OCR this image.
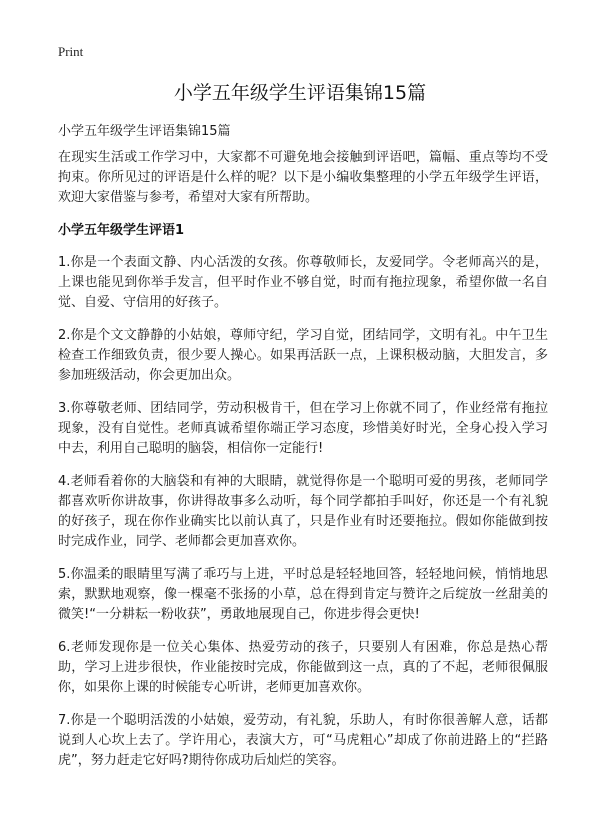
Print
小学五年级学生评语集锦15篇

小学五年级学生评语集锦15篇

在现实生活或工作学习中，大家都不可避免地会接触到评语吧，篇幅、重点等均不受拘束。你所见过的评语是什么样的呢？以下是小编收集整理的小学五年级学生评语，欢迎大家借鉴与参考，希望对大家有所帮助。

小学五年级学生评语1

1.你是一个表面文静、内心活泼的女孩。你尊敬师长，友爱同学。令老师高兴的是，上课也能见到你举手发言，但平时作业不够自觉，时而有拖拉现象，希望你做一名自觉、自爱、守信用的好孩子。

2.你是个文文静静的小姑娘，尊师守纪，学习自觉，团结同学，文明有礼。中午卫生检查工作细致负责，很少要人操心。如果再活跃一点，上课积极动脑，大胆发言，多参加班级活动，你会更加出众。

3.你尊敬老师、团结同学，劳动积极肯干，但在学习上你就不同了，作业经常有拖拉现象，没有自觉性。老师真诚希望你端正学习态度，珍惜美好时光，全身心投入学习中去，利用自己聪明的脑袋，相信你一定能行!

4.老师看着你的大脑袋和有神的大眼睛，就觉得你是一个聪明可爱的男孩，老师同学都喜欢听你讲故事，你讲得故事多么动听，每个同学都拍手叫好，你还是一个有礼貌的好孩子，现在你作业确实比以前认真了，只是作业有时还要拖拉。假如你能做到按时完成作业，同学、老师都会更加喜欢你。

5.你温柔的眼睛里写满了乖巧与上进，平时总是轻轻地回答，轻轻地问候，悄悄地思索，默默地观察，像一棵毫不张扬的小草，总在得到肯定与赞许之后绽放一丝甜美的微笑!“一分耕耘一粉收获”，勇敢地展现自己，你进步得会更快!

6.老师发现你是一位关心集体、热爱劳动的孩子，只要别人有困难，你总是热心帮助，学习上进步很快，作业能按时完成，你能做到这一点，真的了不起，老师很佩服你，如果你上课的时候能专心听讲，老师更加喜欢你。

7.你是一个聪明活泼的小姑娘，爱劳动，有礼貌，乐助人，有时你很善解人意，话都说到人心坎上去了。学许用心，表演大方，可“马虎粗心”却成了你前进路上的“拦路虎”，努力赶走它好吗?期待你成功后灿烂的笑容。
